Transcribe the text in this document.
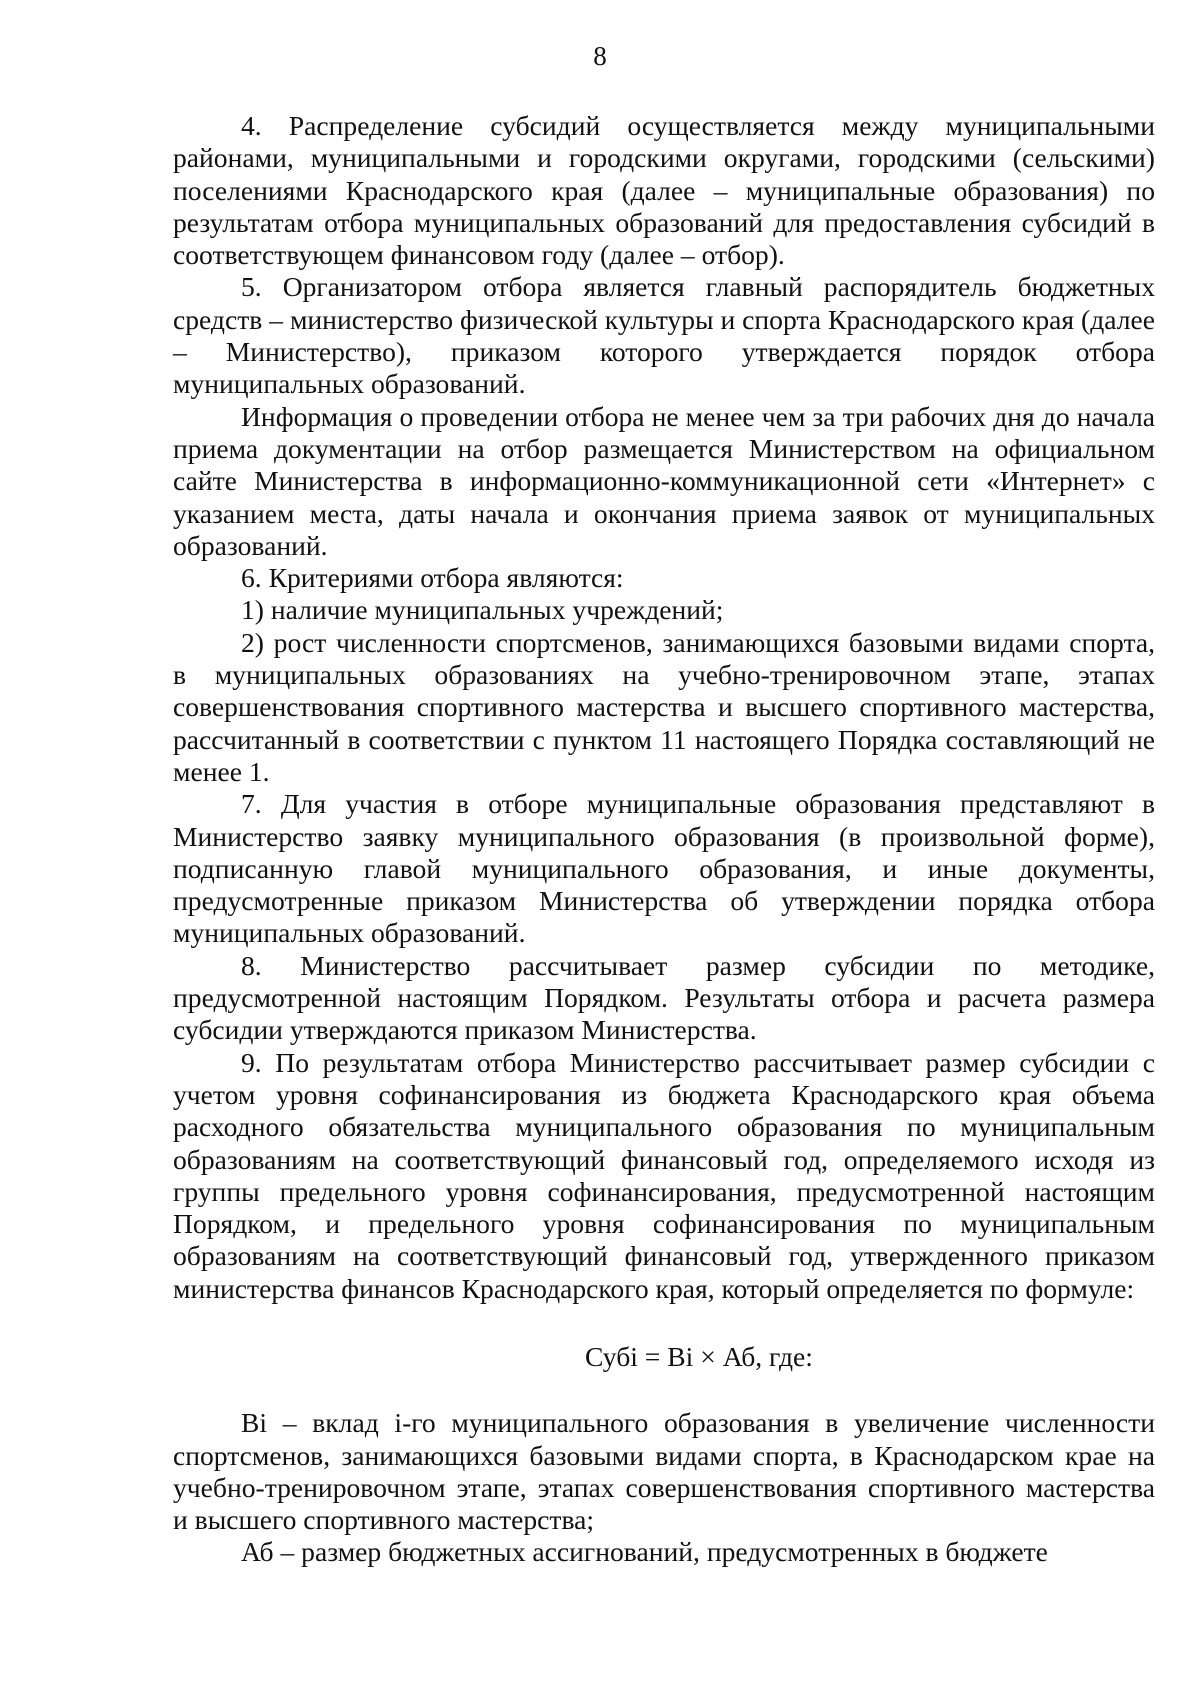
8

4. Распределение субсидий осуществляется между муниципальными районами, муниципальными и городскими округами, городскими (сельскими) поселениями Краснодарского края (далее – муниципальные образования) по результатам отбора муниципальных образований для предоставления субсидий в соответствующем финансовом году (далее – отбор).

5. Организатором отбора является главный распорядитель бюджетных средств – министерство физической культуры и спорта Краснодарского края (далее – Министерство), приказом которого утверждается порядок отбора муниципальных образований.

Информация о проведении отбора не менее чем за три рабочих дня до начала приема документации на отбор размещается Министерством на официальном сайте Министерства в информационно-коммуникационной сети «Интернет» с указанием места, даты начала и окончания приема заявок от муниципальных образований.

6. Критериями отбора являются:

1) наличие муниципальных учреждений;

2) рост численности спортсменов, занимающихся базовыми видами спорта, в муниципальных образованиях на учебно-тренировочном этапе, этапах совершенствования спортивного мастерства и высшего спортивного мастерства, рассчитанный в соответствии с пунктом 11 настоящего Порядка составляющий не менее 1.

7. Для участия в отборе муниципальные образования представляют в Министерство заявку муниципального образования (в произвольной форме), подписанную главой муниципального образования, и иные документы, предусмотренные приказом Министерства об утверждении порядка отбора муниципальных образований.

8. Министерство рассчитывает размер субсидии по методике, предусмотренной настоящим Порядком. Результаты отбора и расчета размера субсидии утверждаются приказом Министерства.

9. По результатам отбора Министерство рассчитывает размер субсидии с учетом уровня софинансирования из бюджета Краснодарского края объема расходного обязательства муниципального образования по муниципальным образованиям на соответствующий финансовый год, определяемого исходя из группы предельного уровня софинансирования, предусмотренной настоящим Порядком, и предельного уровня софинансирования по муниципальным образованиям на соответствующий финансовый год, утвержденного приказом министерства финансов Краснодарского края, который определяется по формуле:

Субi = Вi × Аб, где:

Вi – вклад i-го муниципального образования в увеличение численности спортсменов, занимающихся базовыми видами спорта, в Краснодарском крае на учебно-тренировочном этапе, этапах совершенствования спортивного мастерства и высшего спортивного мастерства;

Аб – размер бюджетных ассигнований, предусмотренных в бюджете
